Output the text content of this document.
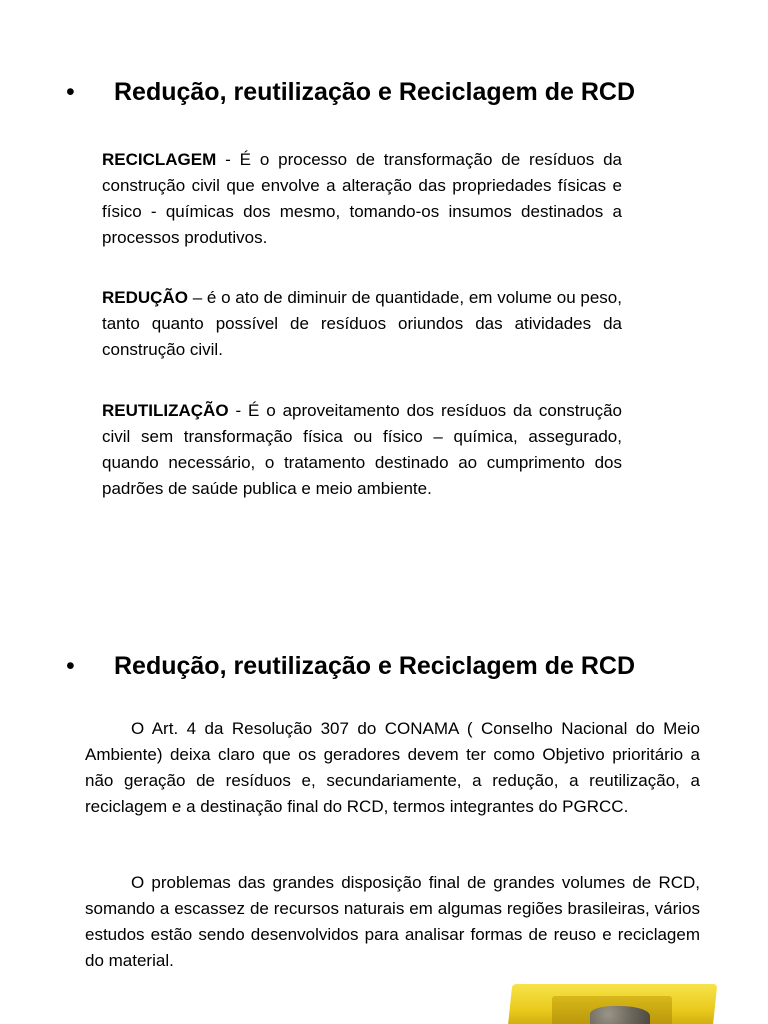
• Redução, reutilização e Reciclagem de RCD

RECICLAGEM - É o processo de transformação de resíduos da construção civil que envolve a alteração das propriedades físicas e físico - químicas dos mesmo, tomando-os insumos destinados a processos produtivos.

REDUÇÃO – é o ato de diminuir de quantidade, em volume ou peso, tanto quanto possível de resíduos oriundos das atividades da construção civil.

REUTILIZAÇÃO - É o aproveitamento dos resíduos da construção civil sem transformação física ou físico – química, assegurado, quando necessário, o tratamento destinado ao cumprimento dos padrões de saúde publica e meio ambiente.

• Redução, reutilização e Reciclagem de RCD

O Art. 4 da Resolução 307 do CONAMA ( Conselho Nacional do Meio Ambiente) deixa claro que os geradores devem ter como Objetivo prioritário a não geração de resíduos e, secundariamente, a redução, a reutilização, a reciclagem e a destinação final do RCD, termos integrantes do PGRCC.

O problemas das grandes disposição final de grandes volumes de RCD, somando a escassez de recursos naturais em algumas regiões brasileiras, vários estudos estão sendo desenvolvidos para analisar formas de reuso e reciclagem do material.
